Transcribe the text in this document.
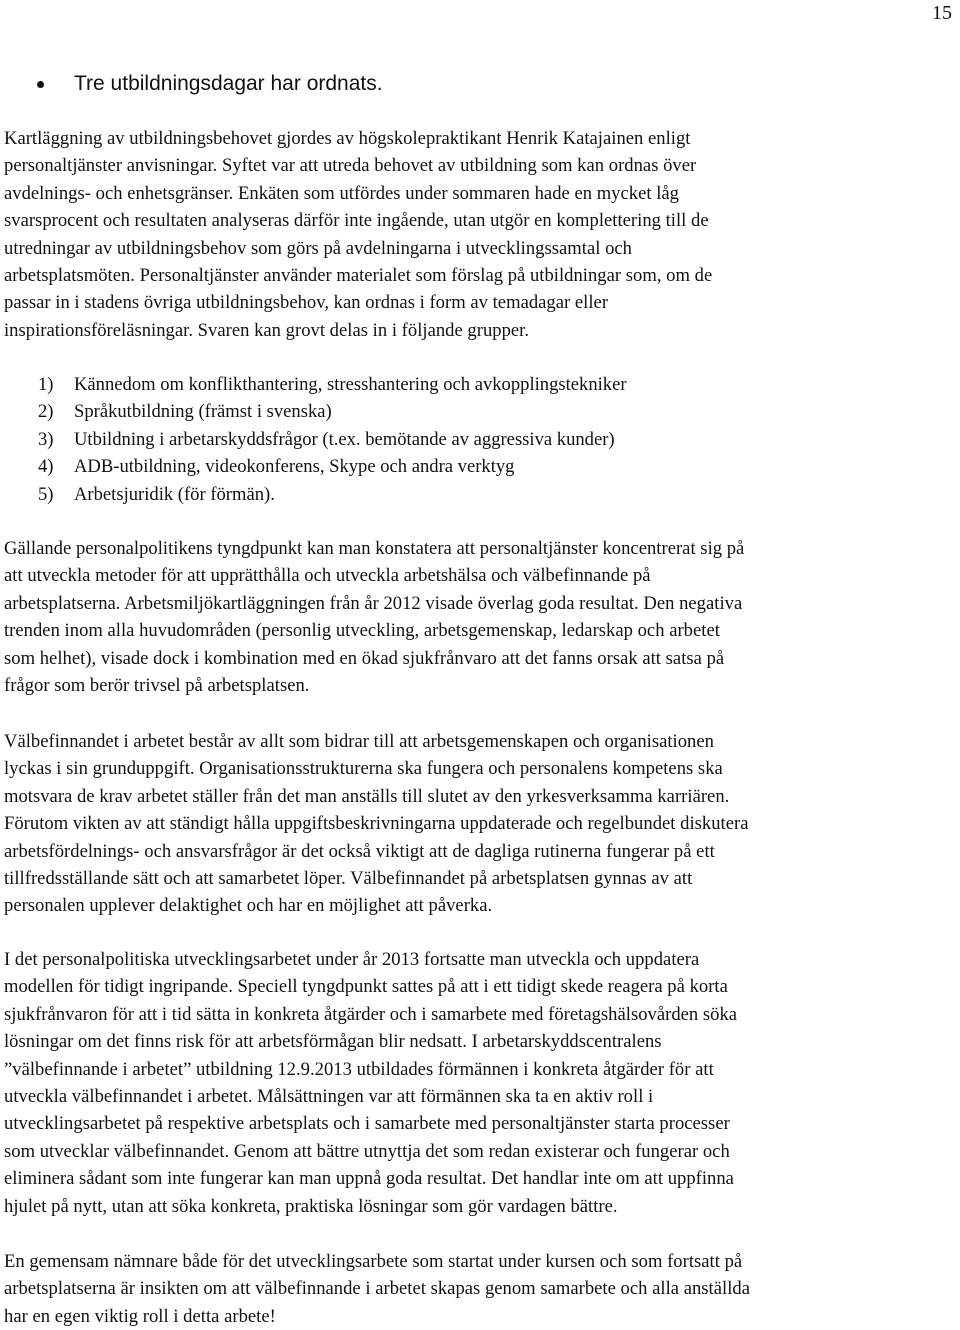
15
Tre utbildningsdagar har ordnats.

Kartläggning av utbildningsbehovet gjordes av högskolepraktikant Henrik Katajainen enligt
personaltjänster anvisningar. Syftet var att utreda behovet av utbildning som kan ordnas över
avdelnings- och enhetsgränser. Enkäten som utfördes under sommaren hade en mycket låg
svarsprocent och resultaten analyseras därför inte ingående, utan utgör en komplettering till de
utredningar av utbildningsbehov som görs på avdelningarna i utvecklingssamtal och
arbetsplatsmöten. Personaltjänster använder materialet som förslag på utbildningar som, om de
passar in i stadens övriga utbildningsbehov, kan ordnas i form av temadagar eller
inspirationsföreläsningar. Svaren kan grovt delas in i följande grupper.

1) Kännedom om konflikthantering, stresshantering och avkopplingstekniker
2) Språkutbildning (främst i svenska)
3) Utbildning i arbetarskyddsfrågor (t.ex. bemötande av aggressiva kunder)
4) ADB-utbildning, videokonferens, Skype och andra verktyg
5) Arbetsjuridik (för förmän).

Gällande personalpolitikens tyngdpunkt kan man konstatera att personaltjänster koncentrerat sig på
att utveckla metoder för att upprätthålla och utveckla arbetshälsa och välbefinnande på
arbetsplatserna. Arbetsmiljökartläggningen från år 2012 visade överlag goda resultat. Den negativa
trenden inom alla huvudområden (personlig utveckling, arbetsgemenskap, ledarskap och arbetet
som helhet), visade dock i kombination med en ökad sjukfrånvaro att det fanns orsak att satsa på
frågor som berör trivsel på arbetsplatsen.

Välbefinnandet i arbetet består av allt som bidrar till att arbetsgemenskapen och organisationen
lyckas i sin grunduppgift. Organisationsstrukturerna ska fungera och personalens kompetens ska
motsvara de krav arbetet ställer från det man anställs till slutet av den yrkesverksamma karriären.
Förutom vikten av att ständigt hålla uppgiftsbeskrivningarna uppdaterade och regelbundet diskutera
arbetsfördelnings- och ansvarsfrågor är det också viktigt att de dagliga rutinerna fungerar på ett
tillfredsställande sätt och att samarbetet löper. Välbefinnandet på arbetsplatsen gynnas av att
personalen upplever delaktighet och har en möjlighet att påverka.

I det personalpolitiska utvecklingsarbetet under år 2013 fortsatte man utveckla och uppdatera
modellen för tidigt ingripande. Speciell tyngdpunkt sattes på att i ett tidigt skede reagera på korta
sjukfrånvaron för att i tid sätta in konkreta åtgärder och i samarbete med företagshälsovården söka
lösningar om det finns risk för att arbetsförmågan blir nedsatt. I arbetarskyddscentralens
”välbefinnande i arbetet” utbildning 12.9.2013 utbildades förmännen i konkreta åtgärder för att
utveckla välbefinnandet i arbetet. Målsättningen var att förmännen ska ta en aktiv roll i
utvecklingsarbetet på respektive arbetsplats och i samarbete med personaltjänster starta processer
som utvecklar välbefinnandet. Genom att bättre utnyttja det som redan existerar och fungerar och
eliminera sådant som inte fungerar kan man uppnå goda resultat. Det handlar inte om att uppfinna
hjulet på nytt, utan att söka konkreta, praktiska lösningar som gör vardagen bättre.

En gemensam nämnare både för det utvecklingsarbete som startat under kursen och som fortsatt på
arbetsplatserna är insikten om att välbefinnande i arbetet skapas genom samarbete och alla anställda
har en egen viktig roll i detta arbete!
